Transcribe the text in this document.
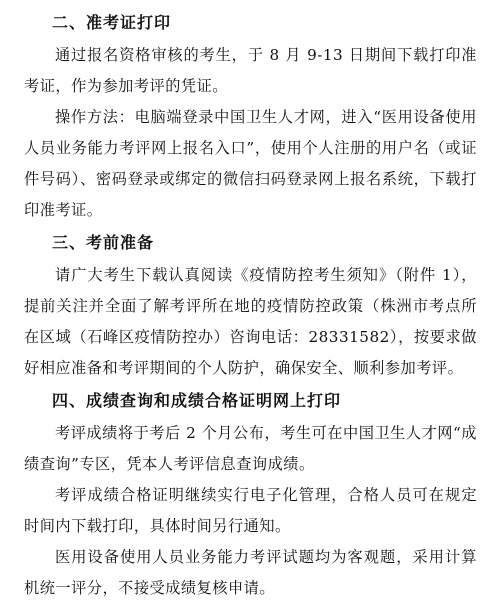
二、准考证打印

通过报名资格审核的考生，于 8 月 9-13 日期间下载打印准考证，作为参加考评的凭证。

操作方法：电脑端登录中国卫生人才网，进入“医用设备使用人员业务能力考评网上报名入口”，使用个人注册的用户名（或证件号码）、密码登录或绑定的微信扫码登录网上报名系统，下载打印准考证。

三、考前准备

请广大考生下载认真阅读《疫情防控考生须知》（附件 1），提前关注并全面了解考评所在地的疫情防控政策（株洲市考点所在区域（石峰区疫情防控办）咨询电话：28331582），按要求做好相应准备和考评期间的个人防护，确保安全、顺利参加考评。

四、成绩查询和成绩合格证明网上打印

考评成绩将于考后 2 个月公布，考生可在中国卫生人才网“成绩查询”专区，凭本人考评信息查询成绩。

考评成绩合格证明继续实行电子化管理，合格人员可在规定时间内下载打印，具体时间另行通知。

医用设备使用人员业务能力考评试题均为客观题，采用计算机统一评分，不接受成绩复核申请。
